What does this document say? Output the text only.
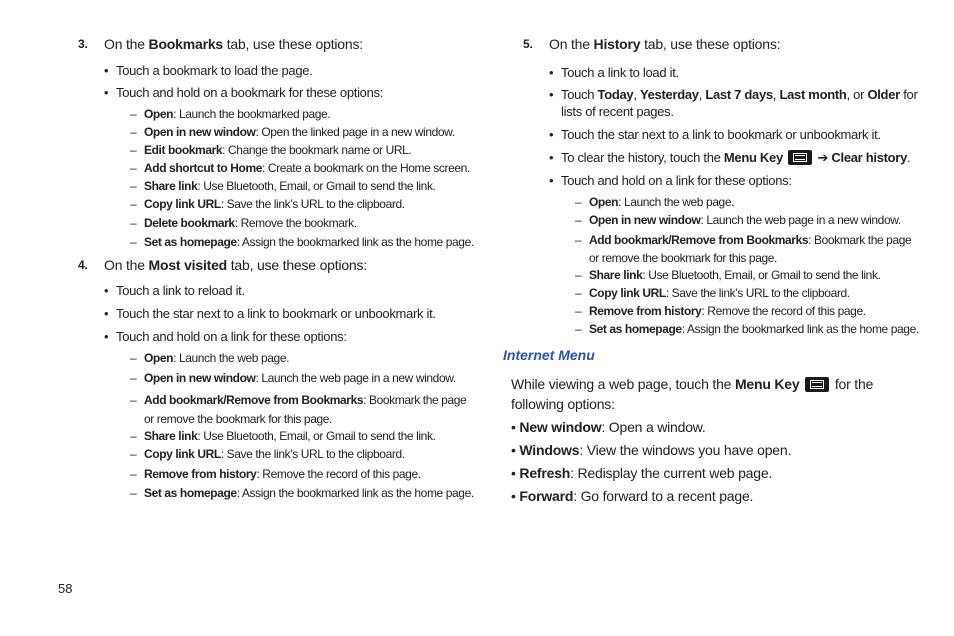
3.	On the Bookmarks tab, use these options:
• Touch a bookmark to load the page.
• Touch and hold on a bookmark for these options:
– Open: Launch the bookmarked page.
– Open in new window: Open the linked page in a new window.
– Edit bookmark: Change the bookmark name or URL.
– Add shortcut to Home: Create a bookmark on the Home screen.
– Share link: Use Bluetooth, Email, or Gmail to send the link.
– Copy link URL: Save the link’s URL to the clipboard.
– Delete bookmark: Remove the bookmark.
– Set as homepage: Assign the bookmarked link as the home page.
4.	On the Most visited tab, use these options:
• Touch a link to reload it.
• Touch the star next to a link to bookmark or unbookmark it.
• Touch and hold on a link for these options:
– Open: Launch the web page.
– Open in new window: Launch the web page in a new window.
– Add bookmark/Remove from Bookmarks: Bookmark the page or remove the bookmark for this page.
– Share link: Use Bluetooth, Email, or Gmail to send the link.
– Copy link URL: Save the link’s URL to the clipboard.
– Remove from history: Remove the record of this page.
– Set as homepage: Assign the bookmarked link as the home page.
5.	On the History tab, use these options:
• Touch a link to load it.
• Touch Today, Yesterday, Last 7 days, Last month, or Older for lists of recent pages.
• Touch the star next to a link to bookmark or unbookmark it.
• To clear the history, touch the Menu Key	➔ Clear history.
• Touch and hold on a link for these options:
– Open: Launch the web page.
– Open in new window: Launch the web page in a new window.
– Add bookmark/Remove from Bookmarks: Bookmark the page or remove the bookmark for this page.
– Share link: Use Bluetooth, Email, or Gmail to send the link.
– Copy link URL: Save the link’s URL to the clipboard.
– Remove from history: Remove the record of this page.
– Set as homepage: Assign the bookmarked link as the home page.
Internet Menu
While viewing a web page, touch the Menu Key  for the following options:
• New window: Open a window.
• Windows: View the windows you have open.
• Refresh: Redisplay the current web page.
• Forward: Go forward to a recent page.
58
